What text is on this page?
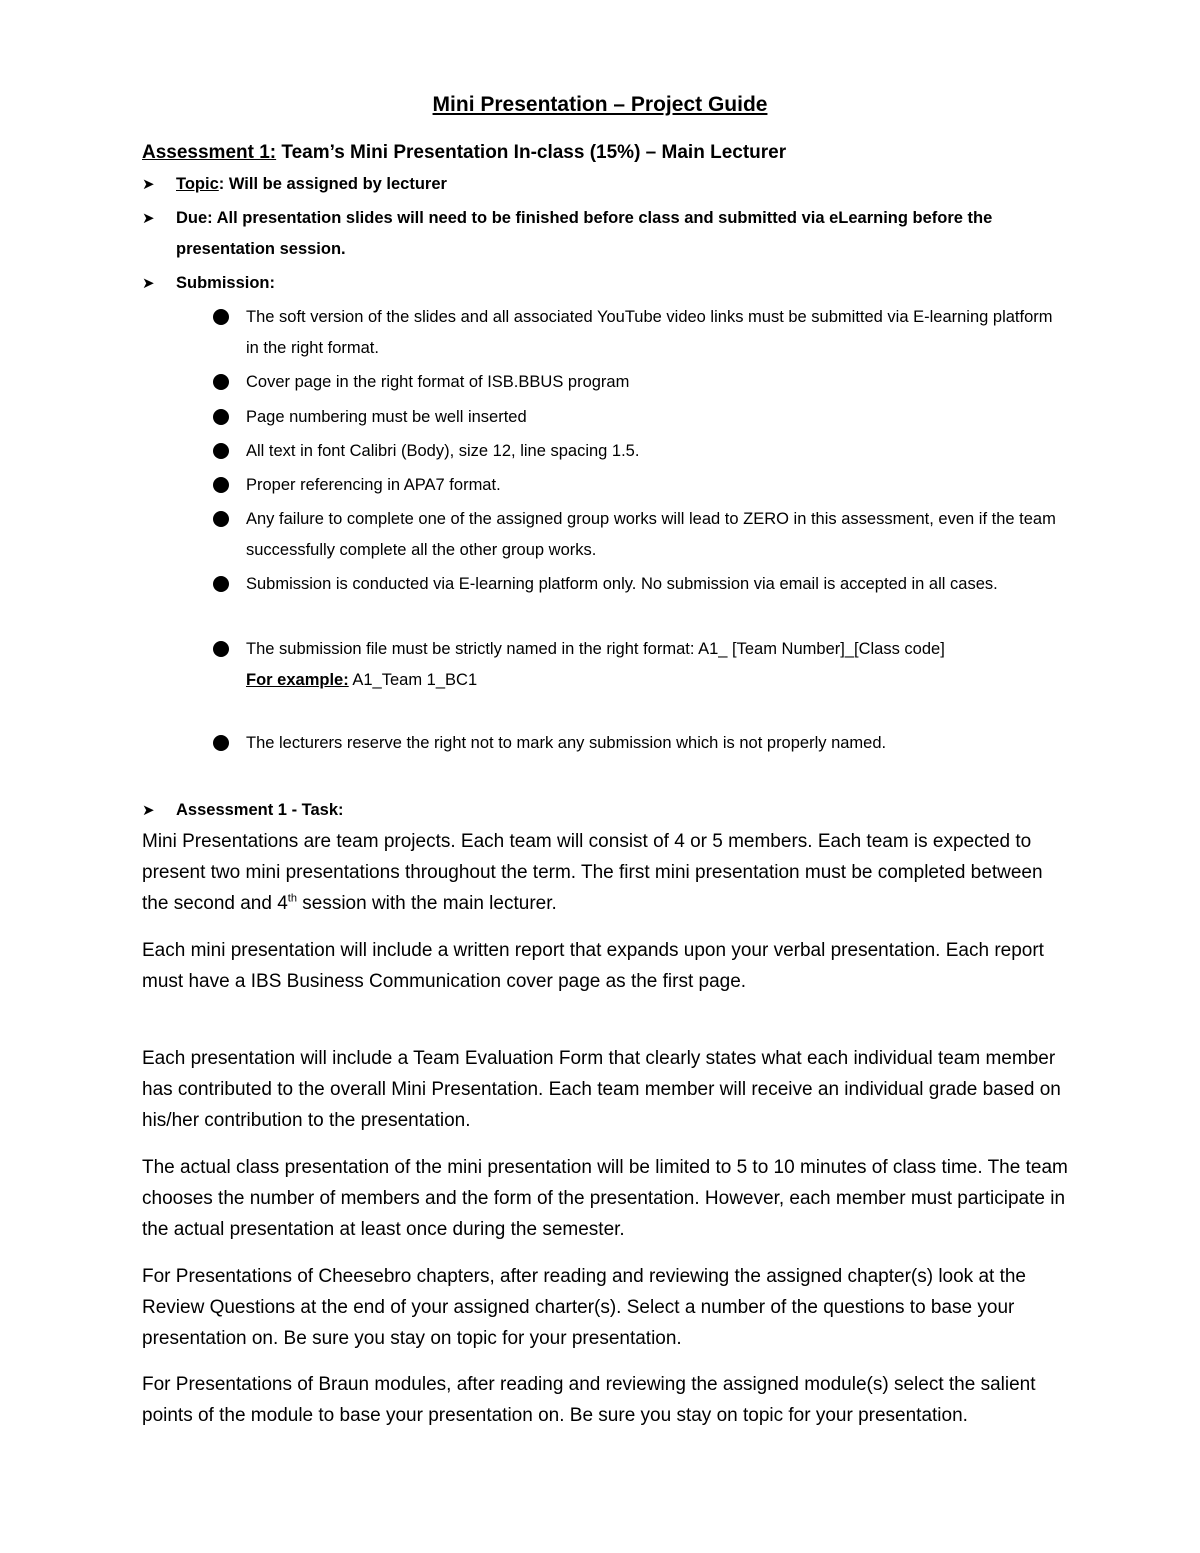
Mini Presentation – Project Guide
Assessment 1: Team’s Mini Presentation In-class (15%) – Main Lecturer
➤	Topic: Will be assigned by lecturer
➤	Due: All presentation slides will need to be finished before class and submitted via eLearning before the presentation session.
➤	Submission:
The soft version of the slides and all associated YouTube video links must be submitted via E-learning platform in the right format.
Cover page in the right format of ISB.BBUS program
Page numbering must be well inserted
All text in font Calibri (Body), size 12, line spacing 1.5.
Proper referencing in APA7 format.
Any failure to complete one of the assigned group works will lead to ZERO in this assessment, even if the team successfully complete all the other group works.
Submission is conducted via E-learning platform only. No submission via email is accepted in all cases.
The submission file must be strictly named in the right format: A1_ [Team Number]_[Class code]
For example: A1_Team 1_BC1
The lecturers reserve the right not to mark any submission which is not properly named.
➤	Assessment 1 - Task:
Mini Presentations are team projects. Each team will consist of 4 or 5 members. Each team is expected to present two mini presentations throughout the term. The first mini presentation must be completed between the second and 4th session with the main lecturer.
Each mini presentation will include a written report that expands upon your verbal presentation. Each report must have a IBS Business Communication cover page as the first page.
Each presentation will include a Team Evaluation Form that clearly states what each individual team member has contributed to the overall Mini Presentation. Each team member will receive an individual grade based on his/her contribution to the presentation.
The actual class presentation of the mini presentation will be limited to 5 to 10 minutes of class time. The team chooses the number of members and the form of the presentation. However, each member must participate in the actual presentation at least once during the semester.
For Presentations of Cheesebro chapters, after reading and reviewing the assigned chapter(s) look at the Review Questions at the end of your assigned charter(s). Select a number of the questions to base your presentation on. Be sure you stay on topic for your presentation.
For Presentations of Braun modules, after reading and reviewing the assigned module(s) select the salient points of the module to base your presentation on. Be sure you stay on topic for your presentation.
